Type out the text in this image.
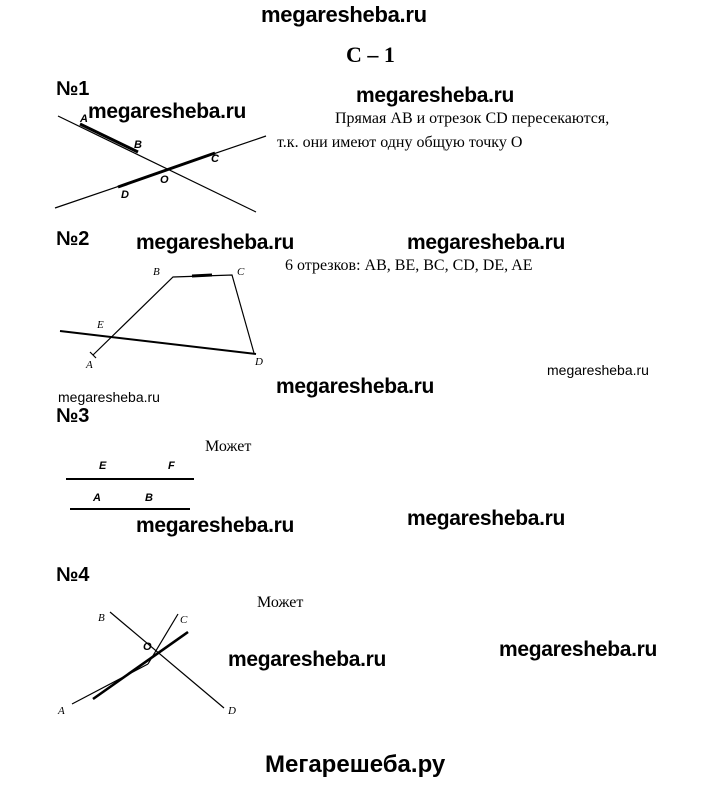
megaresheba.ru
С – 1
№1
megaresheba.ru
megaresheba.ru
Прямая АВ и отрезок CD пересекаются,
т.к. они имеют одну общую точку О
A
B
C
O
D
№2 megaresheba.ru	megaresheba.ru
6 отрезков: АВ, ВЕ, ВС, CD, DE, AE
B	C
E
A	D	megaresheba.ru
megaresheba.ru
megaresheba.ru
№3
Может
E	F
A	B
megaresheba.ru	megaresheba.ru
№4
Может
B	C
O
A	D
megaresheba.ru	megaresheba.ru
Мегарешеба.ру
